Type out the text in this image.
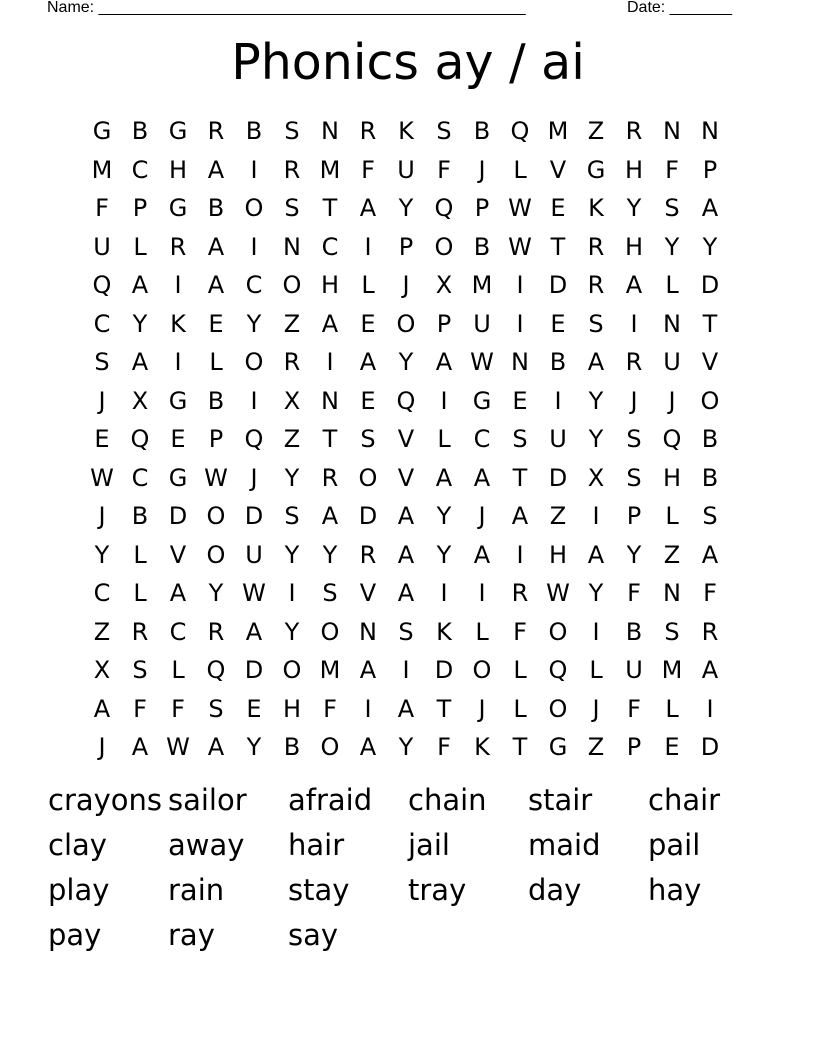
Name: ________________________________________________	Date: _______
Phonics ay / ai
G B G R B S N R K S B Q M Z R N N
M C H A	I	R M F U F	J	L V G H F P
F P G B O S T A Y Q P W E K Y S A
U L R A	I	N C	I	P O B W T R H Y Y
Q A	I	A C O H L	J	X M	I	D R A L D
C Y K E Y Z A E O P U	I	E S	I	N T
S A	I	L O R	I	A Y A W N B A R U V
J	X G B	I	X N E Q	I	G E	I	Y	J	J	O
E Q E P Q Z T S V L C S U Y S Q B
W C G W J	Y R O V A A T D X S H B
J	B D O D S A D A Y	J	A Z	I	P	L S
Y L V O U Y Y R A Y A	I	H A Y Z A
C L A Y W I	S V A	I	I	R W Y F N F
Z R C R A Y O N S K L	F O	I	B S R
X S L Q D O M A	I	D O L Q L U M A
A F	F S E H F	I	A T	J	L O	J	F	L	I
J	A W A Y B O A Y F K T G Z P E D
crayons sailor	afraid	chain	stair	chair
clay	away	hair	jail	maid	pail
play	rain	stay	tray	day	hay
pay	ray	say
